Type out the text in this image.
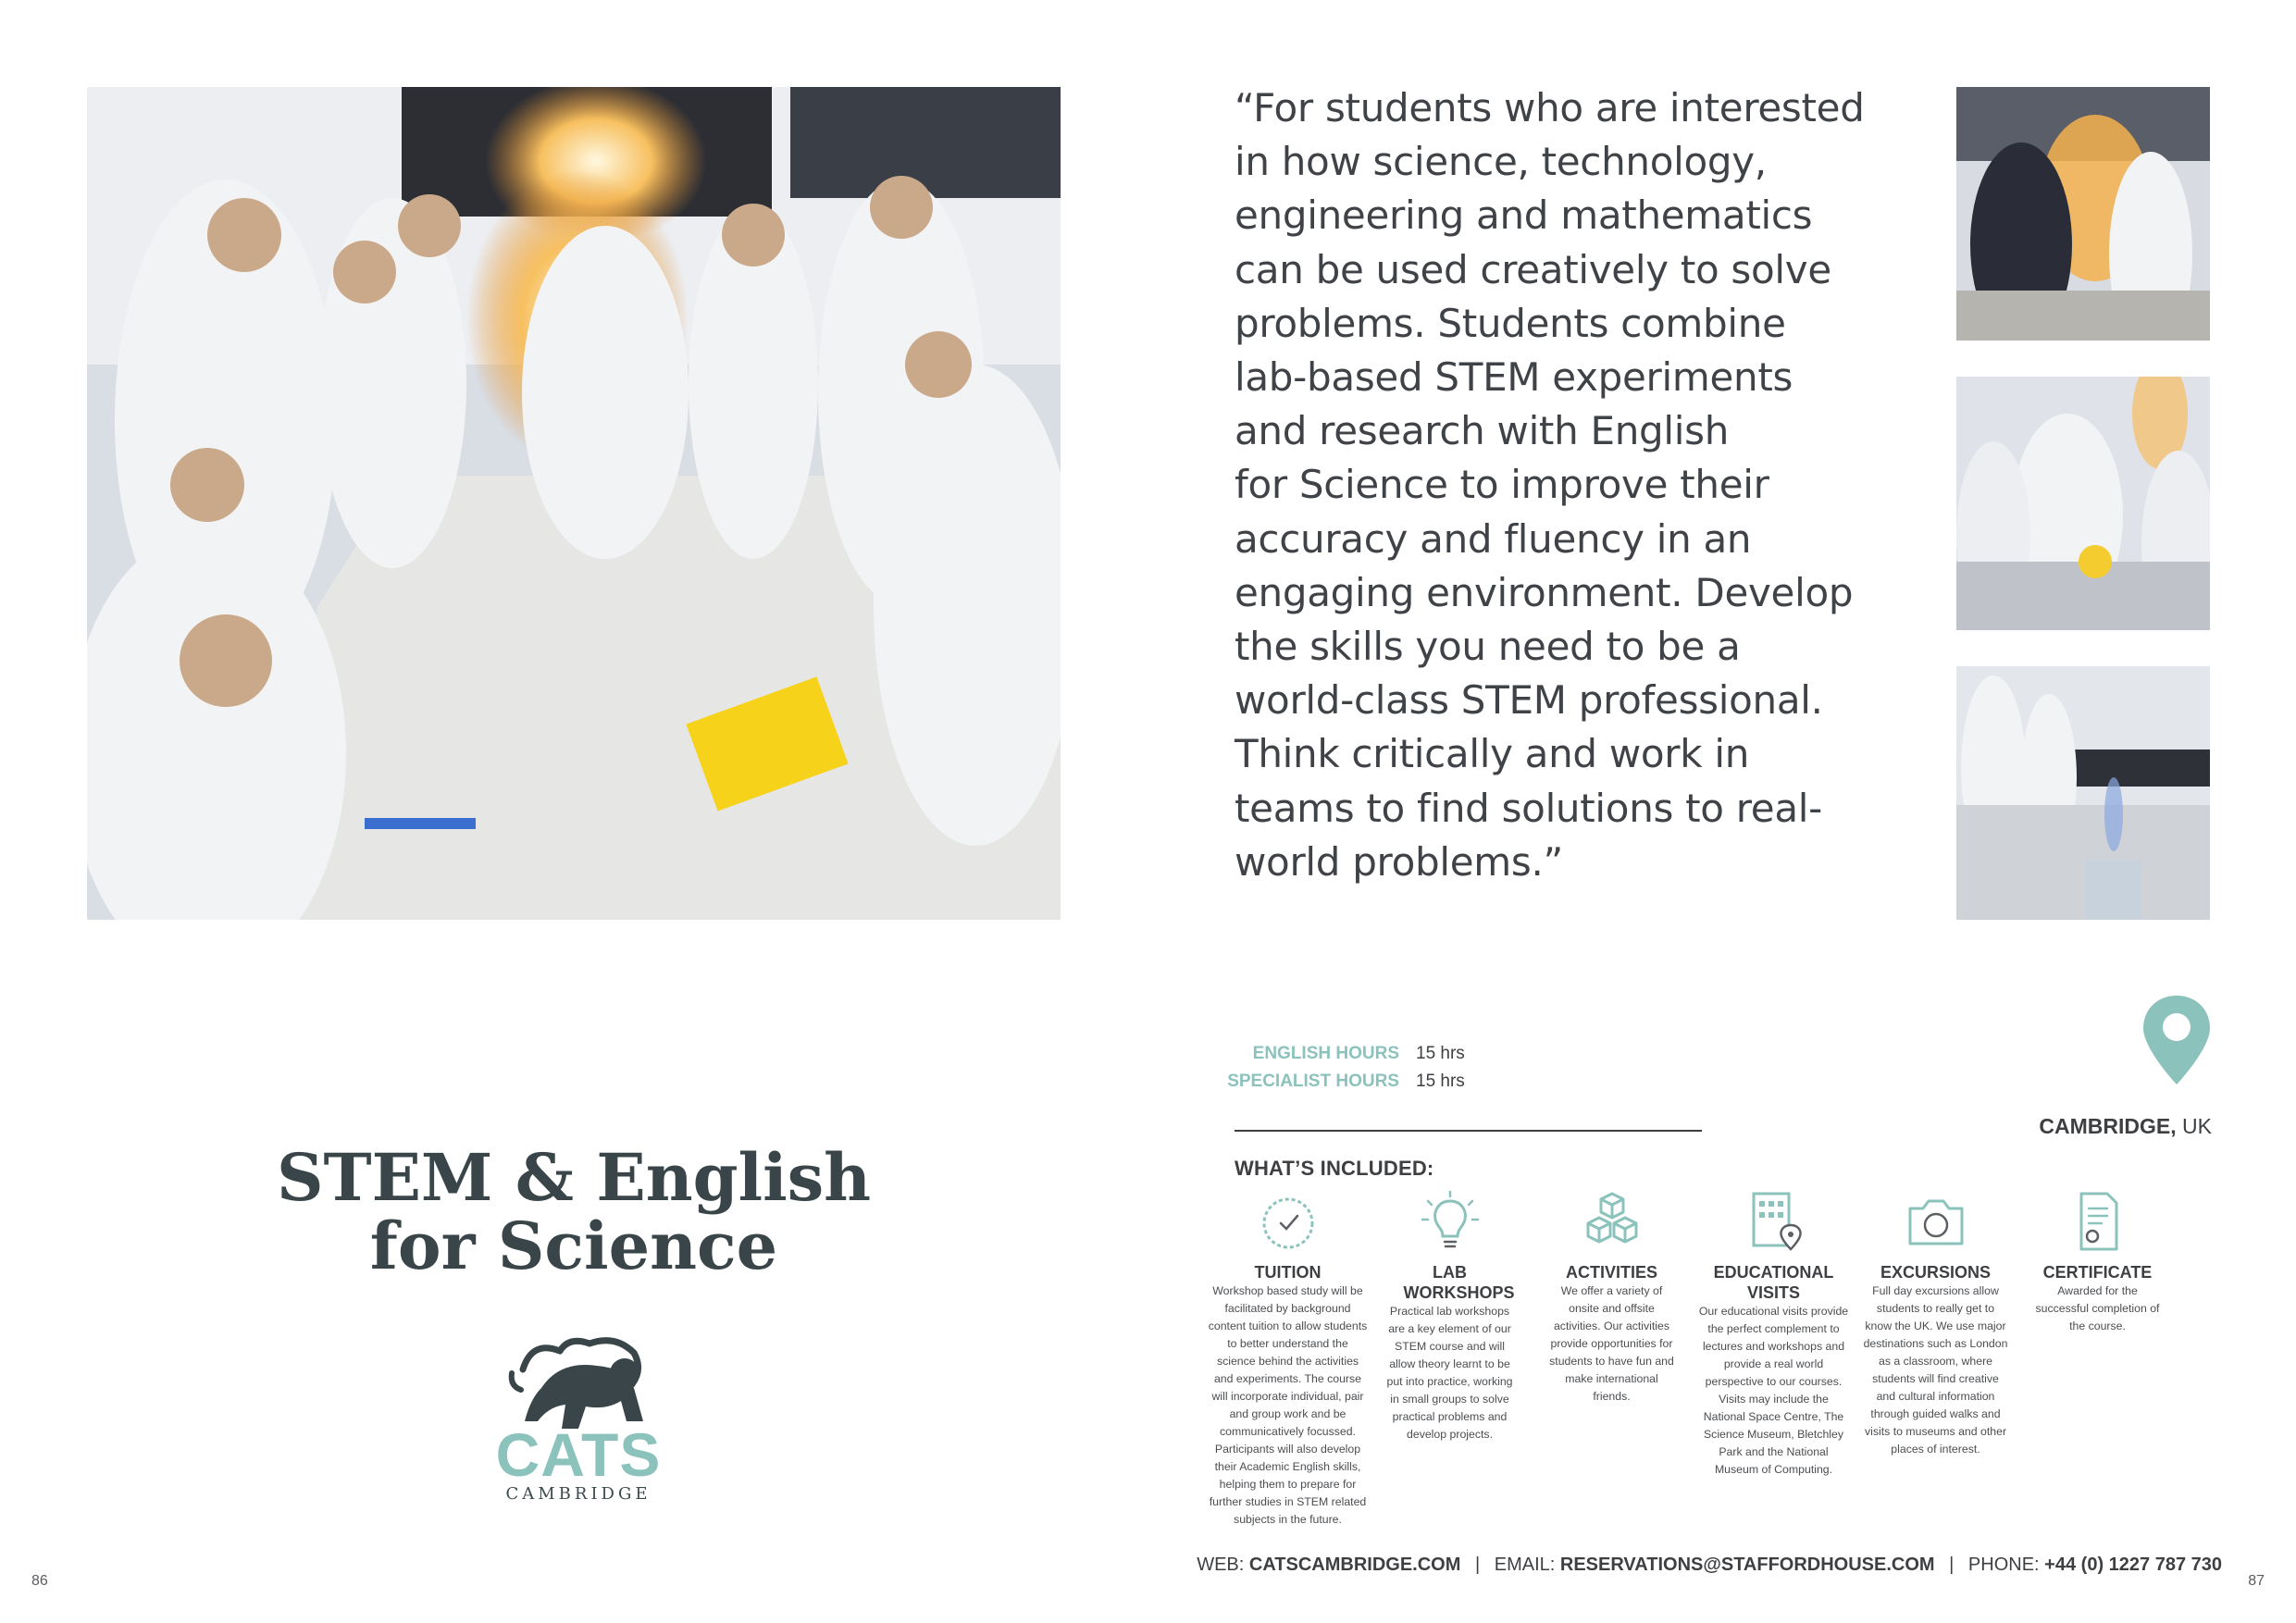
“For students who are interested
in how science, technology,
engineering and mathematics
can be used creatively to solve
problems. Students combine
lab-based STEM experiments
and research with English
for Science to improve their
accuracy and fluency in an
engaging environment. Develop
the skills you need to be a
world-class STEM professional.
Think critically and work in
teams to find solutions to real-
world problems.”
STEM & English
for Science
CATS
CAMBRIDGE
ENGLISH HOURS 15 hrs
SPECIALIST HOURS 15 hrs
CAMBRIDGE, UK
WHAT’S INCLUDED:
TUITION
Workshop based study will be facilitated by background content tuition to allow students to better understand the science behind the activities and experiments. The course will incorporate individual, pair and group work and be communicatively focussed. Participants will also develop their Academic English skills, helping them to prepare for further studies in STEM related subjects in the future.
LAB WORKSHOPS
Practical lab workshops are a key element of our STEM course and will allow theory learnt to be put into practice, working in small groups to solve practical problems and develop projects.
ACTIVITIES
We offer a variety of onsite and offsite activities. Our activities provide opportunities for students to have fun and make international friends.
EDUCATIONAL VISITS
Our educational visits provide the perfect complement to lectures and workshops and provide a real world perspective to our courses. Visits may include the National Space Centre, The Science Museum, Bletchley Park and the National Museum of Computing.
EXCURSIONS
Full day excursions allow students to really get to know the UK. We use major destinations such as London as a classroom, where students will find creative and cultural information through guided walks and visits to museums and other places of interest.
CERTIFICATE
Awarded for the successful completion of the course.
WEB: CATSCAMBRIDGE.COM | EMAIL: RESERVATIONS@STAFFORDHOUSE.COM | PHONE: +44 (0) 1227 787 730
86	87
